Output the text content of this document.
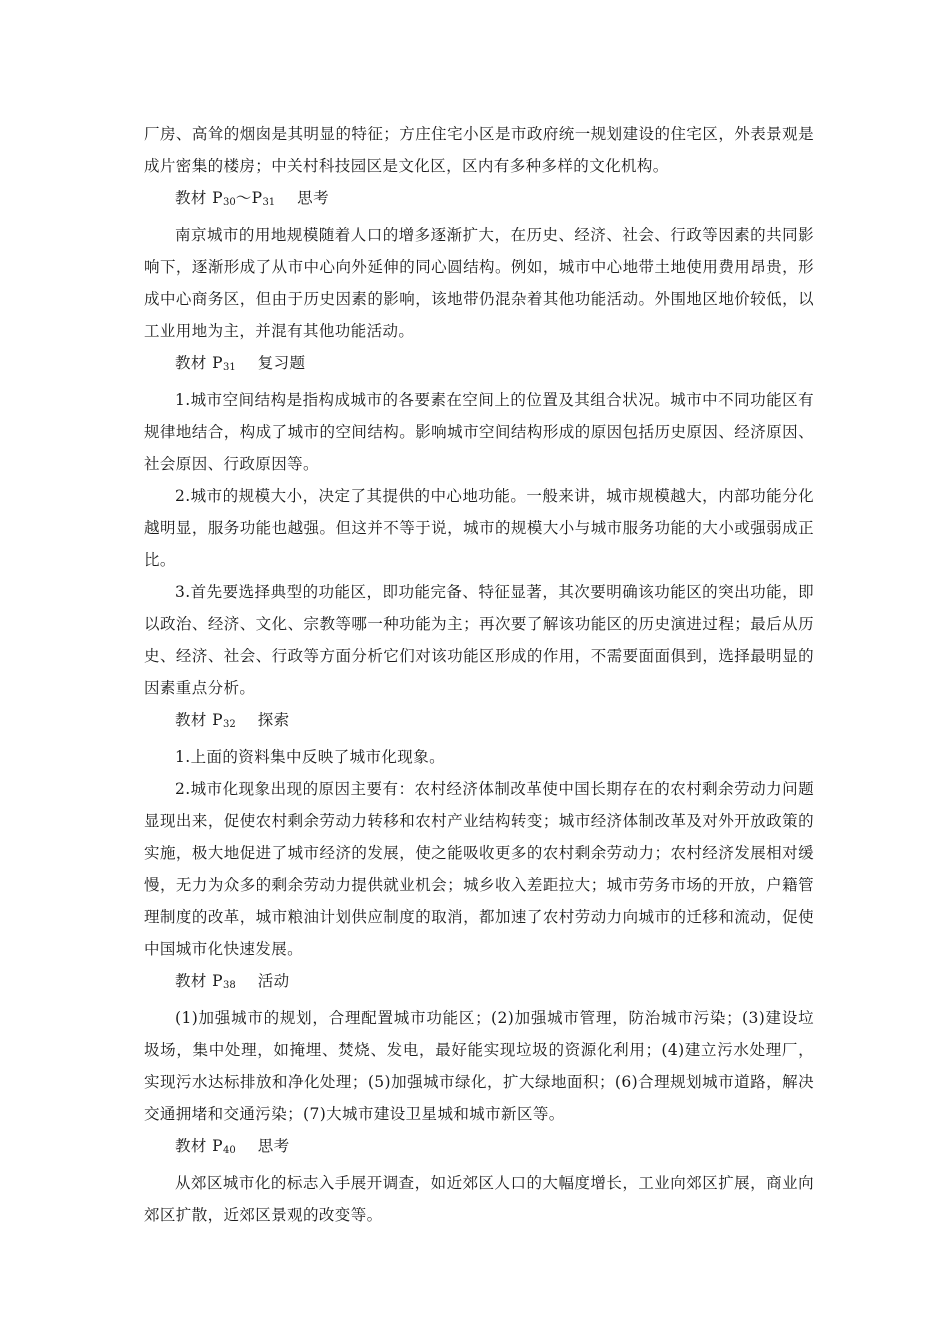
厂房、高耸的烟囱是其明显的特征；方庄住宅小区是市政府统一规划建设的住宅区，外表景观是成片密集的楼房；中关村科技园区是文化区，区内有多种多样的文化机构。

教材 $P_{30}\sim P_{31}$ 思考

南京城市的用地规模随着人口的增多逐渐扩大，在历史、经济、社会、行政等因素的共同影响下，逐渐形成了从市中心向外延伸的同心圆结构。例如，城市中心地带土地使用费用昂贵，形成中心商务区，但由于历史因素的影响，该地带仍混杂着其他功能活动。外围地区地价较低，以工业用地为主，并混有其他功能活动。

教材 $P_{31}$ 复习题

1.城市空间结构是指构成城市的各要素在空间上的位置及其组合状况。城市中不同功能区有规律地结合，构成了城市的空间结构。影响城市空间结构形成的原因包括历史原因、经济原因、社会原因、行政原因等。

2.城市的规模大小，决定了其提供的中心地功能。一般来讲，城市规模越大，内部功能分化越明显，服务功能也越强。但这并不等于说，城市的规模大小与城市服务功能的大小或强弱成正比。

3.首先要选择典型的功能区，即功能完备、特征显著，其次要明确该功能区的突出功能，即以政治、经济、文化、宗教等哪一种功能为主；再次要了解该功能区的历史演进过程；最后从历史、经济、社会、行政等方面分析它们对该功能区形成的作用，不需要面面俱到，选择最明显的因素重点分析。

教材 $P_{32}$ 探索

1.上面的资料集中反映了城市化现象。

2.城市化现象出现的原因主要有：农村经济体制改革使中国长期存在的农村剩余劳动力问题显现出来，促使农村剩余劳动力转移和农村产业结构转变；城市经济体制改革及对外开放政策的实施，极大地促进了城市经济的发展，使之能吸收更多的农村剩余劳动力；农村经济发展相对缓慢，无力为众多的剩余劳动力提供就业机会；城乡收入差距拉大；城市劳务市场的开放，户籍管理制度的改革，城市粮油计划供应制度的取消，都加速了农村劳动力向城市的迁移和流动，促使中国城市化快速发展。

教材 $P_{38}$ 活动

(1)加强城市的规划，合理配置城市功能区；(2)加强城市管理，防治城市污染；(3)建设垃圾场，集中处理，如掩埋、焚烧、发电，最好能实现垃圾的资源化利用；(4)建立污水处理厂，实现污水达标排放和净化处理；(5)加强城市绿化，扩大绿地面积；(6)合理规划城市道路，解决交通拥堵和交通污染；(7)大城市建设卫星城和城市新区等。

教材 $P_{40}$ 思考

从郊区城市化的标志入手展开调查，如近郊区人口的大幅度增长，工业向郊区扩展，商业向郊区扩散，近郊区景观的改变等。
